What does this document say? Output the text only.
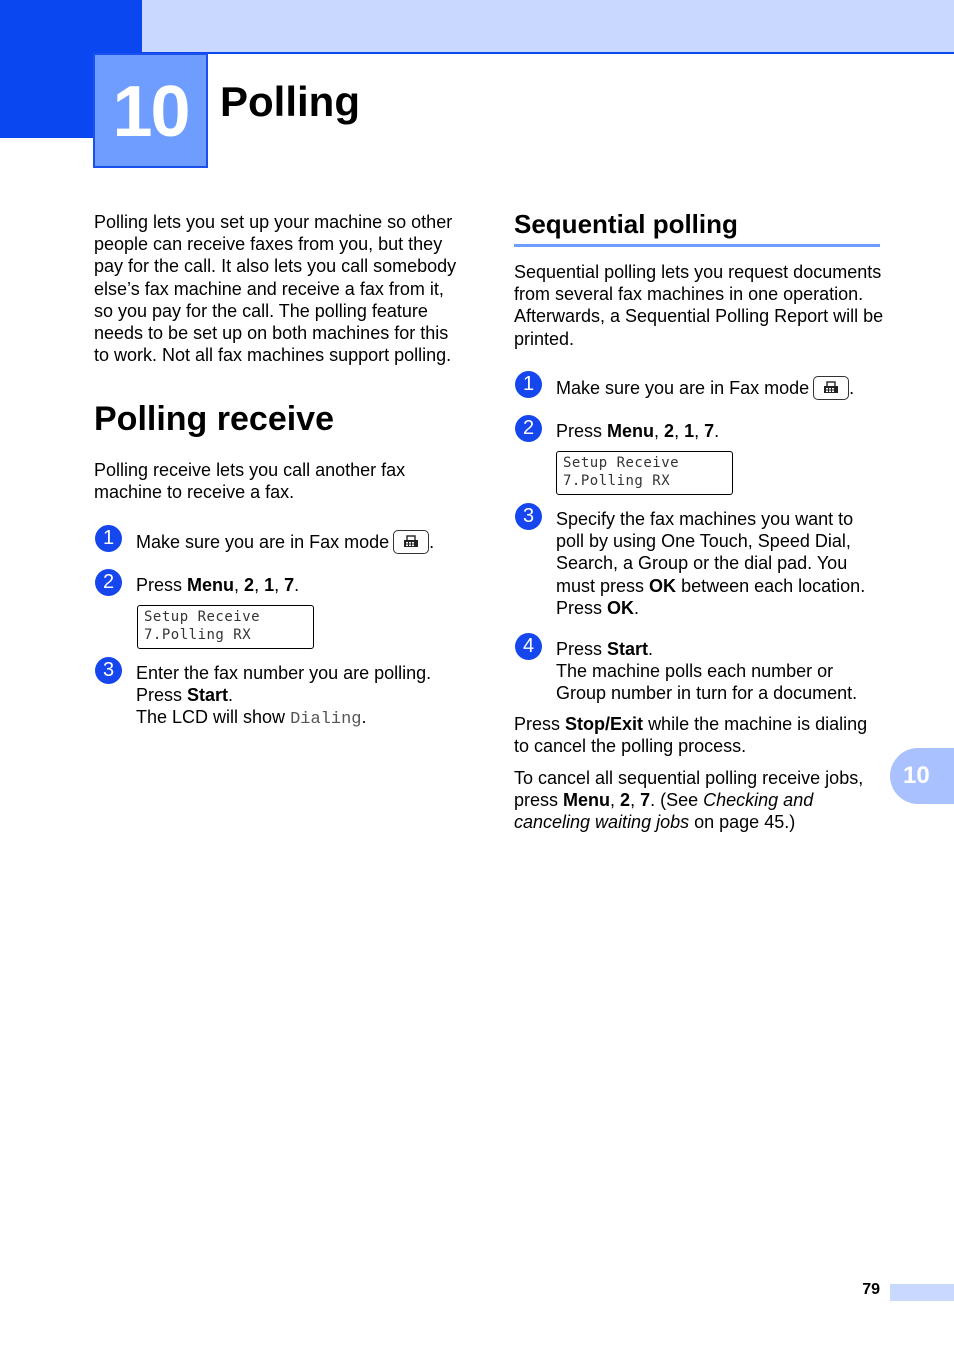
10 Polling
Polling lets you set up your machine so other people can receive faxes from you, but they pay for the call. It also lets you call somebody else’s fax machine and receive a fax from it, so you pay for the call. The polling feature needs to be set up on both machines for this to work. Not all fax machines support polling.
Polling receive
Polling receive lets you call another fax machine to receive a fax.
1	Make sure you are in Fax mode .
2	Press Menu, 2, 1, 7.
Setup Receive
7.Polling RX
3	Enter the fax number you are polling.
Press Start.
The LCD will show Dialing.
Sequential polling
Sequential polling lets you request documents from several fax machines in one operation. Afterwards, a Sequential Polling Report will be printed.
1	Make sure you are in Fax mode .
2	Press Menu, 2, 1, 7.
Setup Receive
7.Polling RX
3	Specify the fax machines you want to poll by using One Touch, Speed Dial, Search, a Group or the dial pad. You must press OK between each location. Press OK.
4	Press Start.
The machine polls each number or Group number in turn for a document.
Press Stop/Exit while the machine is dialing to cancel the polling process.
To cancel all sequential polling receive jobs, press Menu, 2, 7. (See Checking and canceling waiting jobs on page 45.)
10
79
